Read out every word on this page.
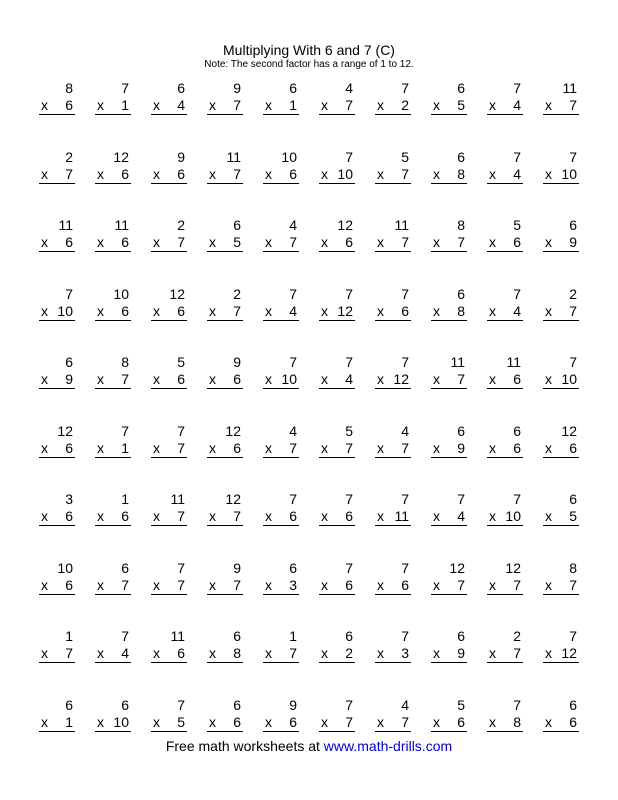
Multiplying With 6 and 7 (C)
Note: The second factor has a range of 1 to 12.
8
x 6
7
x 1
6
x 4
9
x 7
6
x 1
4
x 7
7
x 2
6
x 5
7
x 4
11
x 7
2
x 7
12
x 6
9
x 6
11
x 7
10
x 6
7
x 10
5
x 7
6
x 8
7
x 4
7
x 10
11
x 6
11
x 6
2
x 7
6
x 5
4
x 7
12
x 6
11
x 7
8
x 7
5
x 6
6
x 9
7
x 10
10
x 6
12
x 6
2
x 7
7
x 4
7
x 12
7
x 6
6
x 8
7
x 4
2
x 7
6
x 9
8
x 7
5
x 6
9
x 6
7
x 10
7
x 4
7
x 12
11
x 7
11
x 6
7
x 10
12
x 6
7
x 1
7
x 7
12
x 6
4
x 7
5
x 7
4
x 7
6
x 9
6
x 6
12
x 6
3
x 6
1
x 6
11
x 7
12
x 7
7
x 6
7
x 6
7
x 11
7
x 4
7
x 10
6
x 5
10
x 6
6
x 7
7
x 7
9
x 7
6
x 3
7
x 6
7
x 6
12
x 7
12
x 7
8
x 7
1
x 7
7
x 4
11
x 6
6
x 8
1
x 7
6
x 2
7
x 3
6
x 9
2
x 7
7
x 12
6
x 1
6
x 10
7
x 5
6
x 6
9
x 6
7
x 7
4
x 7
5
x 6
7
x 8
6
x 6
Free math worksheets at www.math-drills.com
